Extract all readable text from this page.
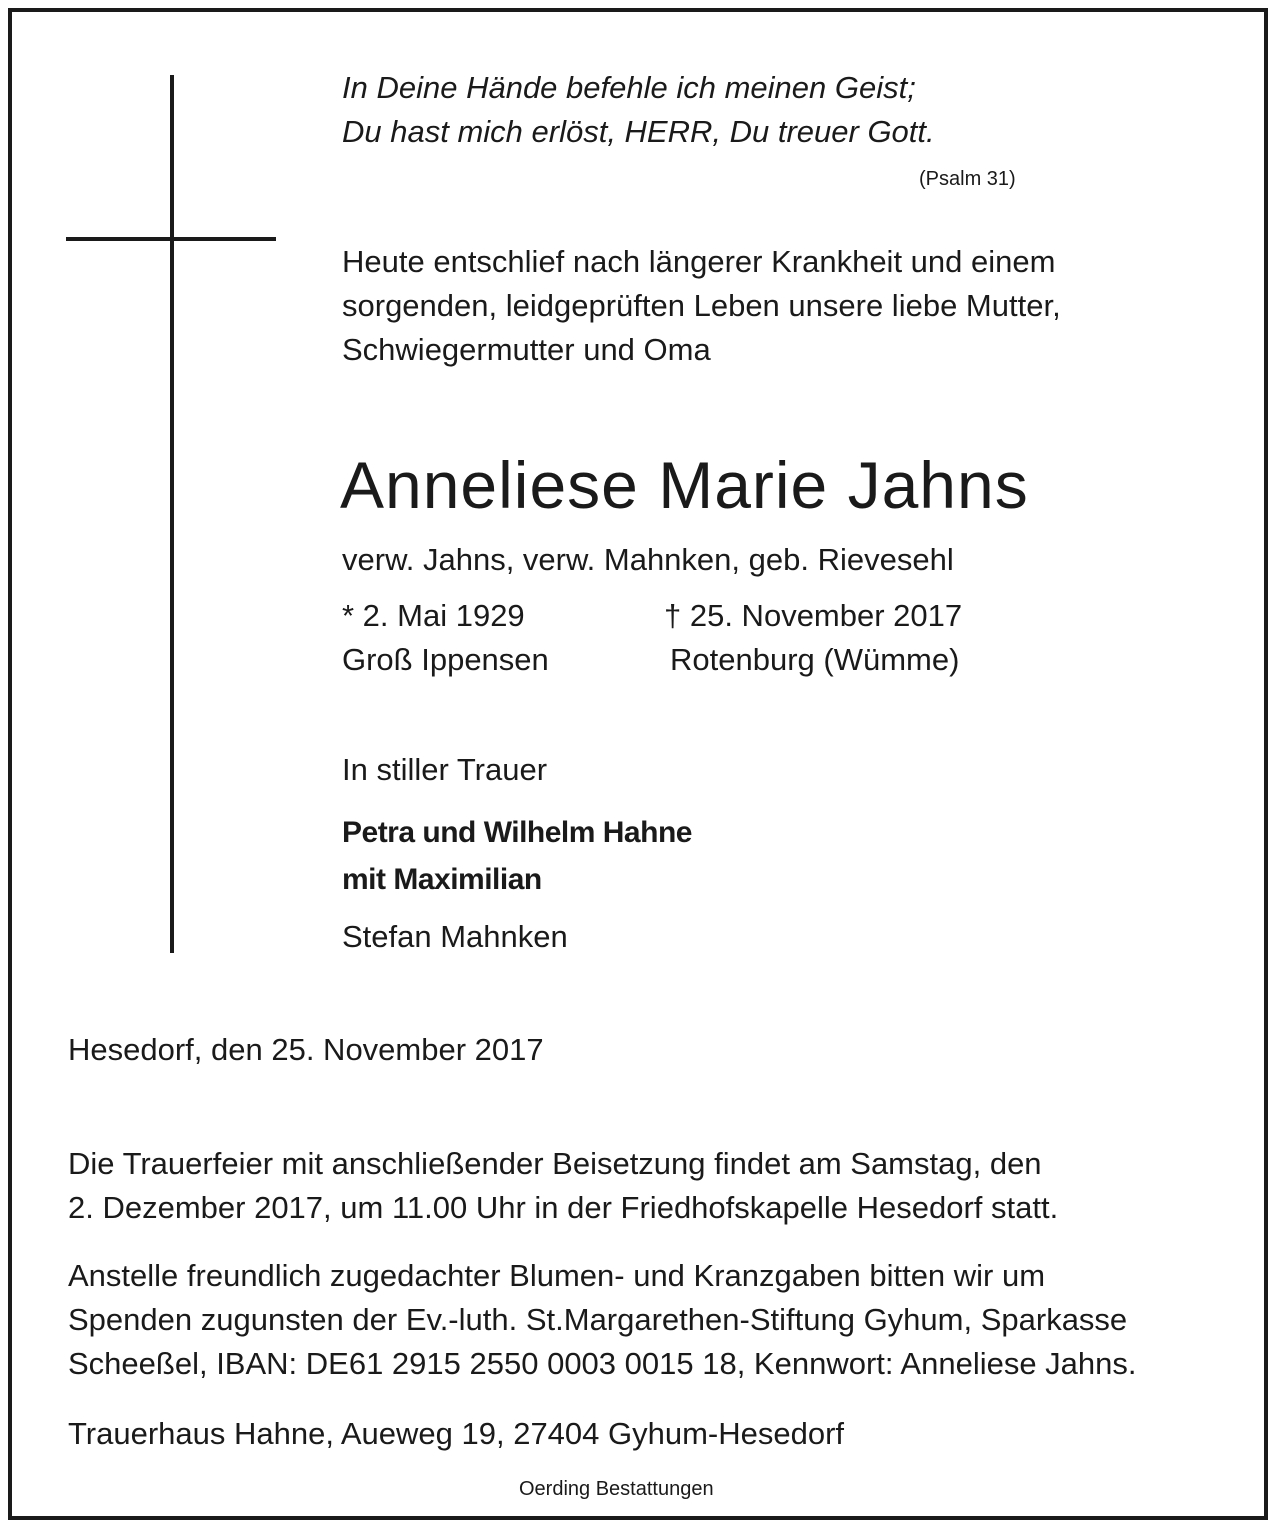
In Deine Hände befehle ich meinen Geist;

Du hast mich erlöst, HERR, Du treuer Gott.

(Psalm 31)

Heute entschlief nach längerer Krankheit und einem

sorgenden, leidgeprüften Leben unsere liebe Mutter,

Schwiegermutter und Oma

Anneliese Marie Jahns

verw. Jahns, verw. Mahnken, geb. Rievesehl

* 2. Mai 1929

Groß Ippensen

† 25. November 2017

Rotenburg (Wümme)

In stiller Trauer

Petra und Wilhelm Hahne

mit Maximilian

Stefan Mahnken

Hesedorf, den 25. November 2017

Die Trauerfeier mit anschließender Beisetzung findet am Samstag, den

2. Dezember 2017, um 11.00 Uhr in der Friedhofskapelle Hesedorf statt.

Anstelle freundlich zugedachter Blumen- und Kranzgaben bitten wir um

Spenden zugunsten der Ev.-luth. St.Margarethen-Stiftung Gyhum, Sparkasse

Scheeßel, IBAN: DE61 2915 2550 0003 0015 18, Kennwort: Anneliese Jahns.

Trauerhaus Hahne, Aueweg 19, 27404 Gyhum-Hesedorf

Oerding Bestattungen
